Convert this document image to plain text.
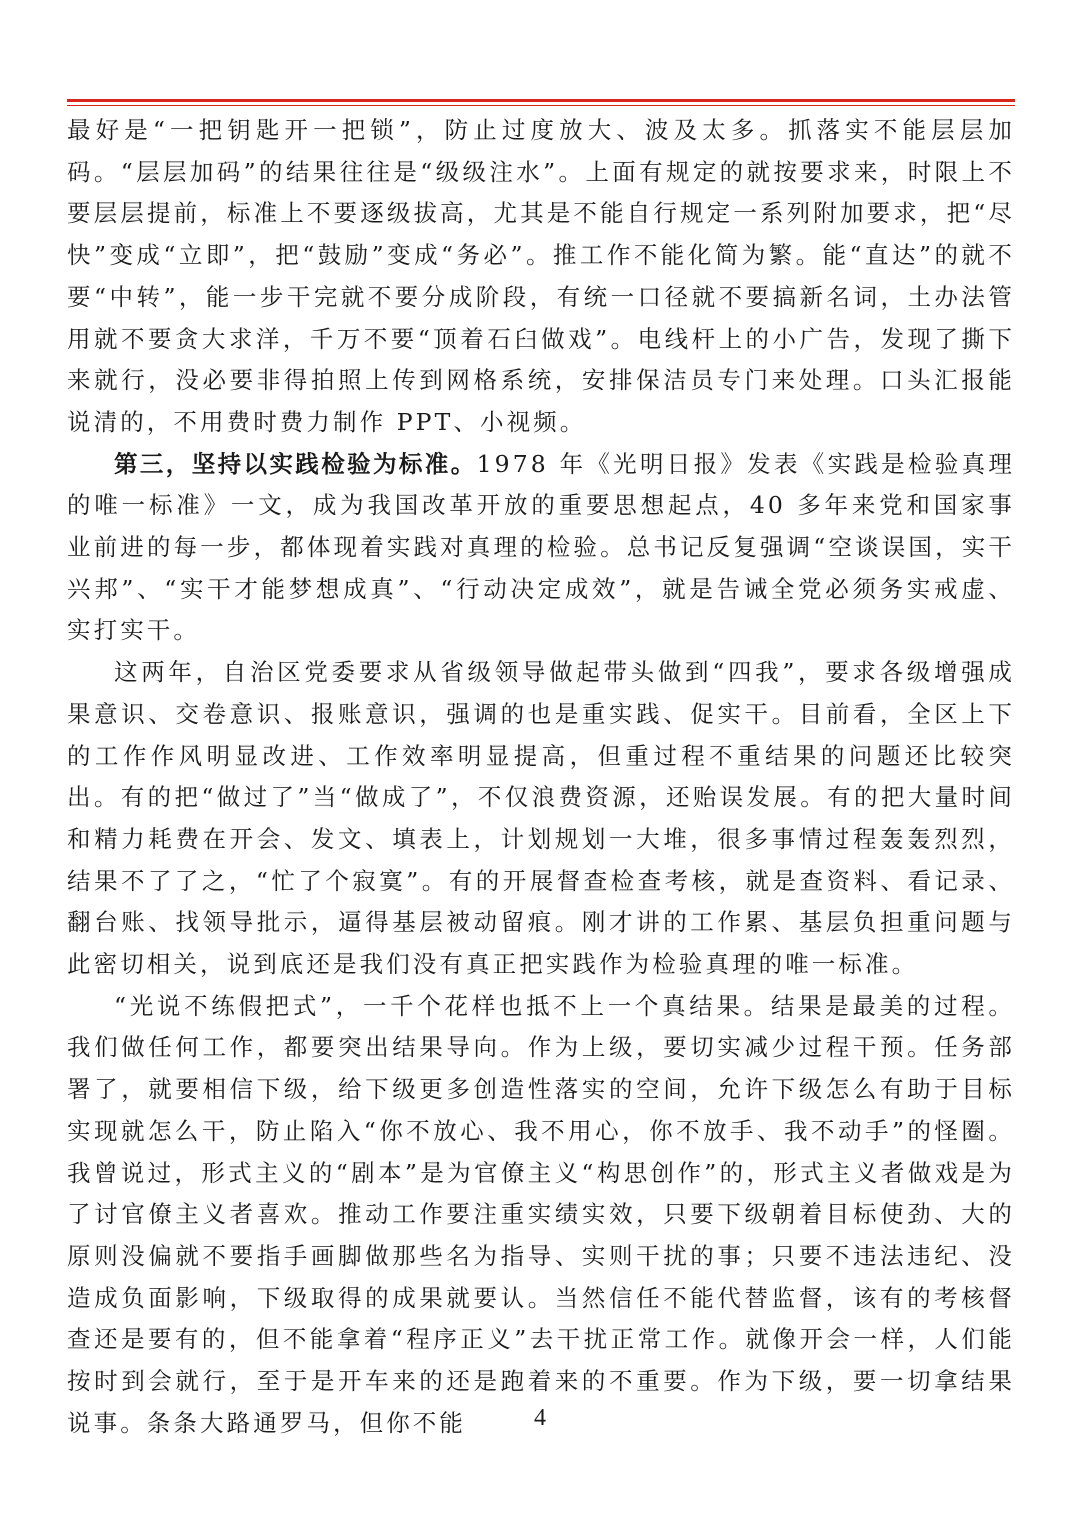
最好是“一把钥匙开一把锁”，防止过度放大、波及太多。抓落实不能层层加码。“层层加码”的结果往往是“级级注水”。上面有规定的就按要求来，时限上不要层层提前，标准上不要逐级拔高，尤其是不能自行规定一系列附加要求，把“尽快”变成“立即”，把“鼓励”变成“务必”。推工作不能化简为繁。能“直达”的就不要“中转”，能一步干完就不要分成阶段，有统一口径就不要搞新名词，土办法管用就不要贪大求洋，千万不要“顶着石臼做戏”。电线杆上的小广告，发现了撕下来就行，没必要非得拍照上传到网格系统，安排保洁员专门来处理。口头汇报能说清的，不用费时费力制作 PPT、小视频。

第三，坚持以实践检验为标准。1978 年《光明日报》发表《实践是检验真理的唯一标准》一文，成为我国改革开放的重要思想起点，40 多年来党和国家事业前进的每一步，都体现着实践对真理的检验。总书记反复强调“空谈误国，实干兴邦”、“实干才能梦想成真”、“行动决定成效”，就是告诫全党必须务实戒虚、实打实干。

这两年，自治区党委要求从省级领导做起带头做到“四我”，要求各级增强成果意识、交卷意识、报账意识，强调的也是重实践、促实干。目前看，全区上下的工作作风明显改进、工作效率明显提高，但重过程不重结果的问题还比较突出。有的把“做过了”当“做成了”，不仅浪费资源，还贻误发展。有的把大量时间和精力耗费在开会、发文、填表上，计划规划一大堆，很多事情过程轰轰烈烈，结果不了了之，“忙了个寂寞”。有的开展督查检查考核，就是查资料、看记录、翻台账、找领导批示，逼得基层被动留痕。刚才讲的工作累、基层负担重问题与此密切相关，说到底还是我们没有真正把实践作为检验真理的唯一标准。

“光说不练假把式”，一千个花样也抵不上一个真结果。结果是最美的过程。我们做任何工作，都要突出结果导向。作为上级，要切实减少过程干预。任务部署了，就要相信下级，给下级更多创造性落实的空间，允许下级怎么有助于目标实现就怎么干，防止陷入“你不放心、我不用心，你不放手、我不动手”的怪圈。我曾说过，形式主义的“剧本”是为官僚主义“构思创作”的，形式主义者做戏是为了讨官僚主义者喜欢。推动工作要注重实绩实效，只要下级朝着目标使劲、大的原则没偏就不要指手画脚做那些名为指导、实则干扰的事；只要不违法违纪、没造成负面影响，下级取得的成果就要认。当然信任不能代替监督，该有的考核督查还是要有的，但不能拿着“程序正义”去干扰正常工作。就像开会一样，人们能按时到会就行，至于是开车来的还是跑着来的不重要。作为下级，要一切拿结果说事。条条大路通罗马，但你不能	4
